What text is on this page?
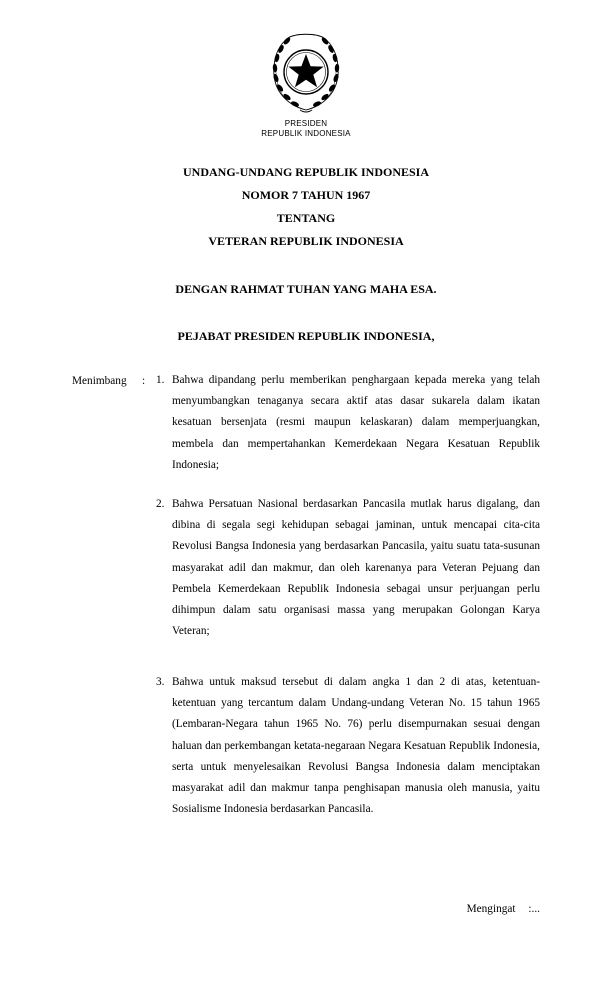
PRESIDEN
REPUBLIK INDONESIA
UNDANG-UNDANG REPUBLIK INDONESIA
NOMOR 7 TAHUN 1967
TENTANG
VETERAN REPUBLIK INDONESIA
DENGAN RAHMAT TUHAN YANG MAHA ESA.
PEJABAT PRESIDEN REPUBLIK INDONESIA,
Menimbang : 1. Bahwa dipandang perlu memberikan penghargaan kepada mereka yang telah menyumbangkan tenaganya secara aktif atas dasar sukarela dalam ikatan kesatuan bersenjata (resmi maupun kelaskaran) dalam memperjuangkan, membela dan mempertahankan Kemerdekaan Negara Kesatuan Republik Indonesia;
2. Bahwa Persatuan Nasional berdasarkan Pancasila mutlak harus digalang, dan dibina di segala segi kehidupan sebagai jaminan, untuk mencapai cita-cita Revolusi Bangsa Indonesia yang berdasarkan Pancasila, yaitu suatu tata-susunan masyarakat adil dan makmur, dan oleh karenanya para Veteran Pejuang dan Pembela Kemerdekaan Republik Indonesia sebagai unsur perjuangan perlu dihimpun dalam satu organisasi massa yang merupakan Golongan Karya Veteran;
3. Bahwa untuk maksud tersebut di dalam angka 1 dan 2 di atas, ketentuan-ketentuan yang tercantum dalam Undang-undang Veteran No. 15 tahun 1965 (Lembaran-Negara tahun 1965 No. 76) perlu disempurnakan sesuai dengan haluan dan perkembangan ketata-negaraan Negara Kesatuan Republik Indonesia, serta untuk menyelesaikan Revolusi Bangsa Indonesia dalam menciptakan masyarakat adil dan makmur tanpa penghisapan manusia oleh manusia, yaitu Sosialisme Indonesia berdasarkan Pancasila.
Mengingat :...
